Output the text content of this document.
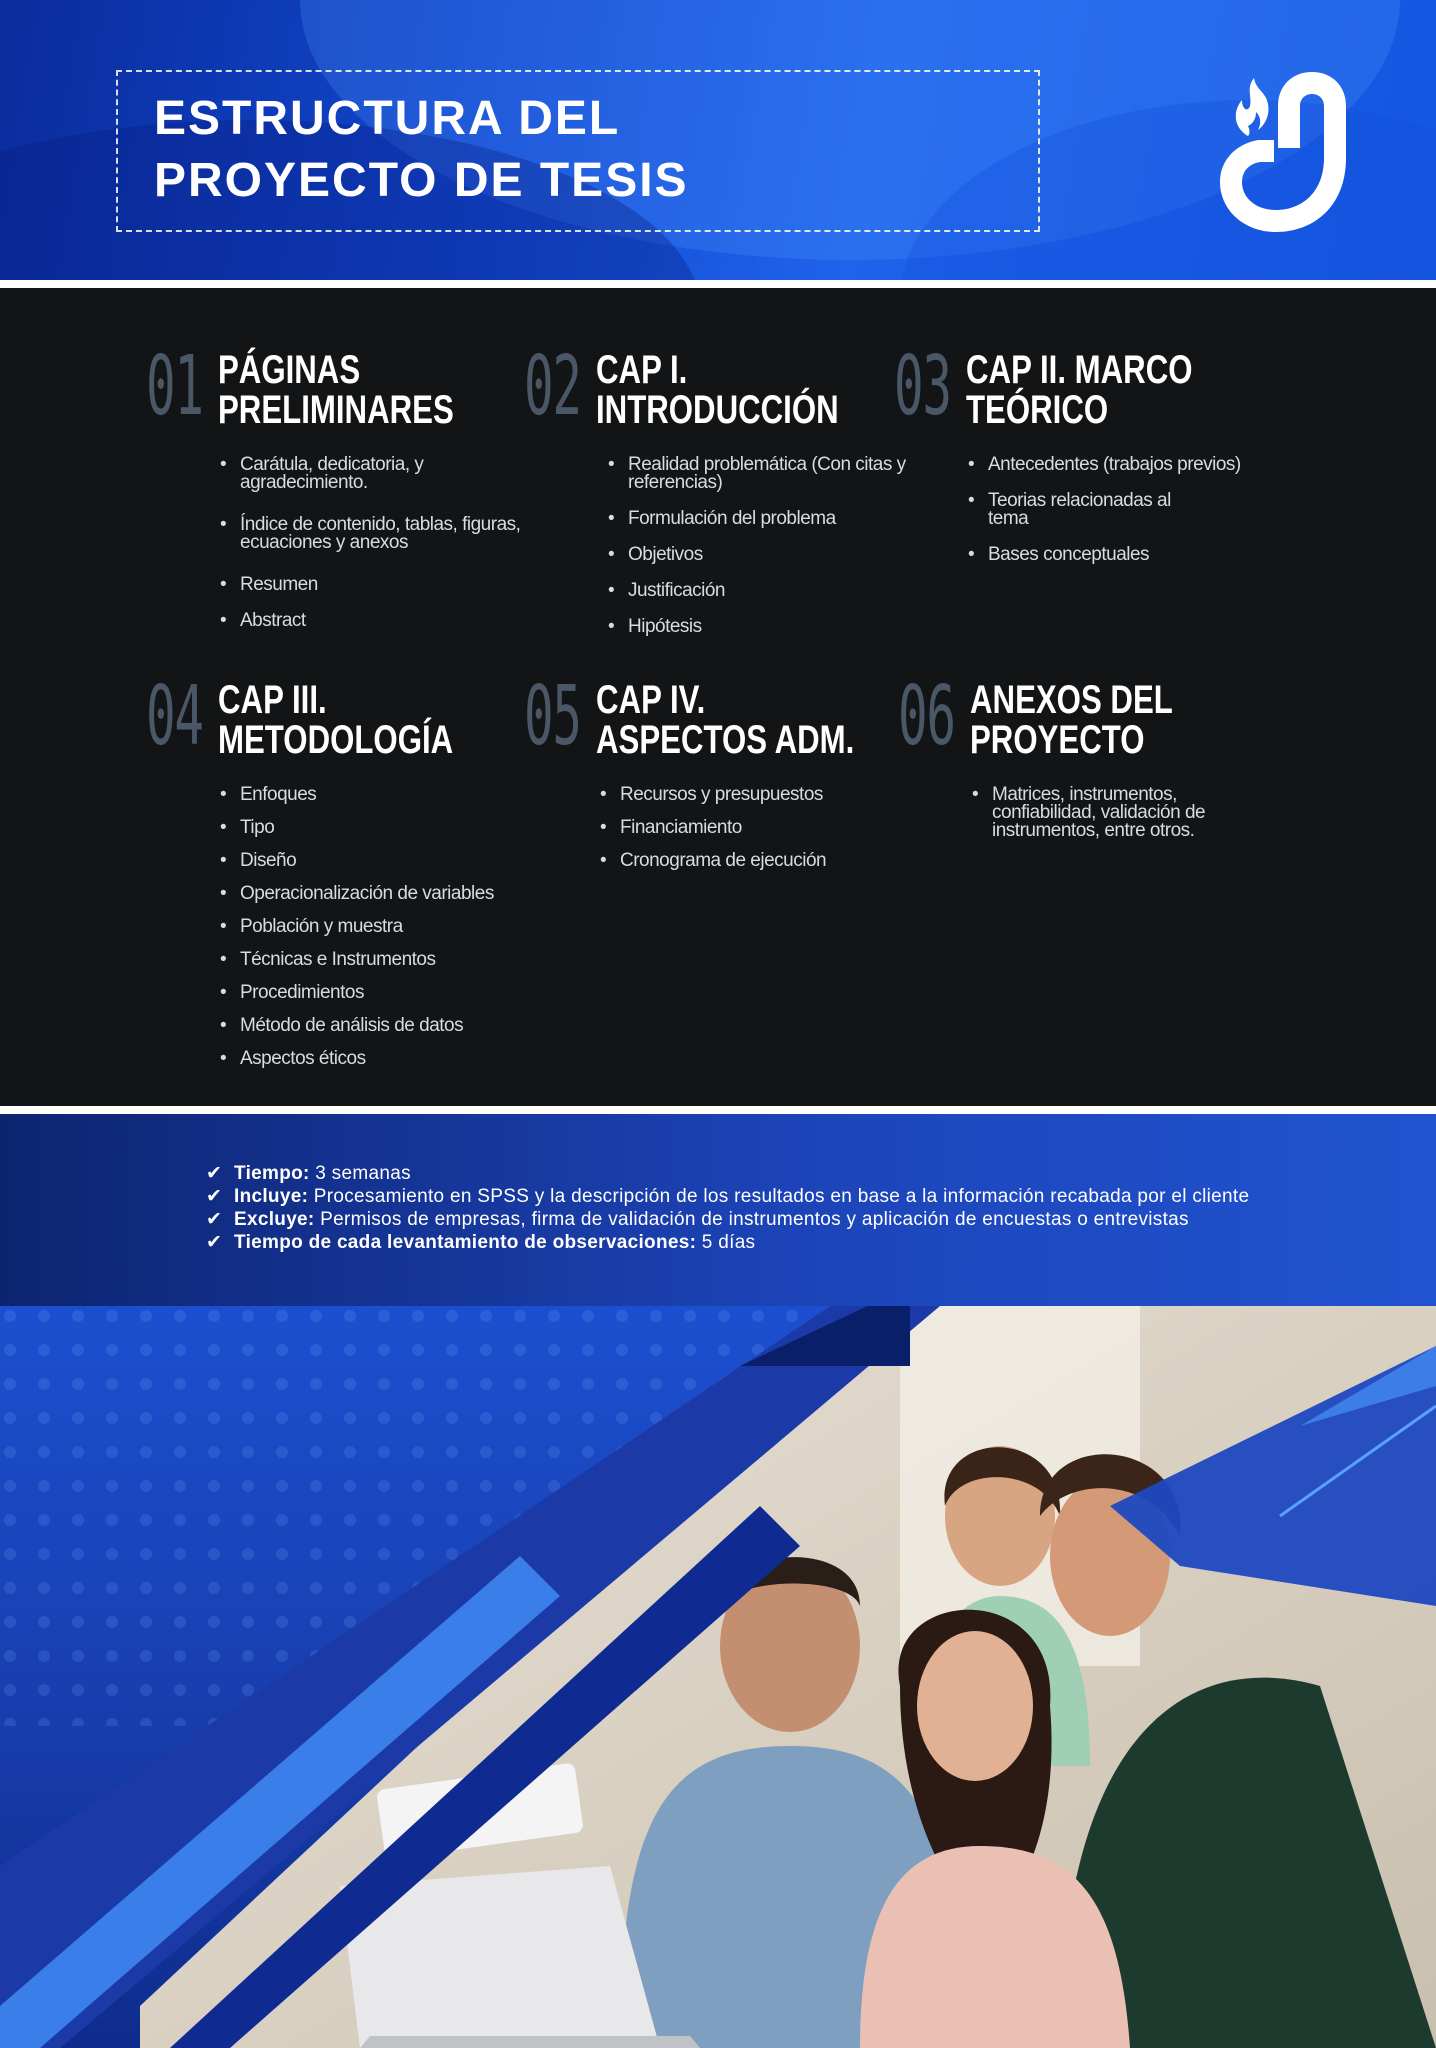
ESTRUCTURA DEL
PROYECTO DE TESIS
01 PÁGINAS
PRELIMINARES
• Carátula, dedicatoria, y agradecimiento.
• Índice de contenido, tablas, figuras, ecuaciones y anexos
• Resumen
• Abstract
02 CAP I.
INTRODUCCIÓN
• Realidad problemática (Con citas y referencias)
• Formulación del problema
• Objetivos
• Justificación
• Hipótesis
03 CAP II. MARCO
TEÓRICO
• Antecedentes (trabajos previos)
• Teorias relacionadas al tema
• Bases conceptuales
04 CAP III.
METODOLOGÍA
• Enfoques
• Tipo
• Diseño
• Operacionalización de variables
• Población y muestra
• Técnicas e Instrumentos
• Procedimientos
• Método de análisis de datos
• Aspectos éticos
05 CAP IV.
ASPECTOS ADM.
• Recursos y presupuestos
• Financiamiento
• Cronograma de ejecución
06 ANEXOS DEL
PROYECTO
• Matrices, instrumentos, confiabilidad, validación de instrumentos, entre otros.
✔ Tiempo: 3 semanas
✔ Incluye: Procesamiento en SPSS y la descripción de los resultados en base a la información recabada por el cliente
✔ Excluye: Permisos de empresas, firma de validación de instrumentos y aplicación de encuestas o entrevistas
✔ Tiempo de cada levantamiento de observaciones: 5 días
